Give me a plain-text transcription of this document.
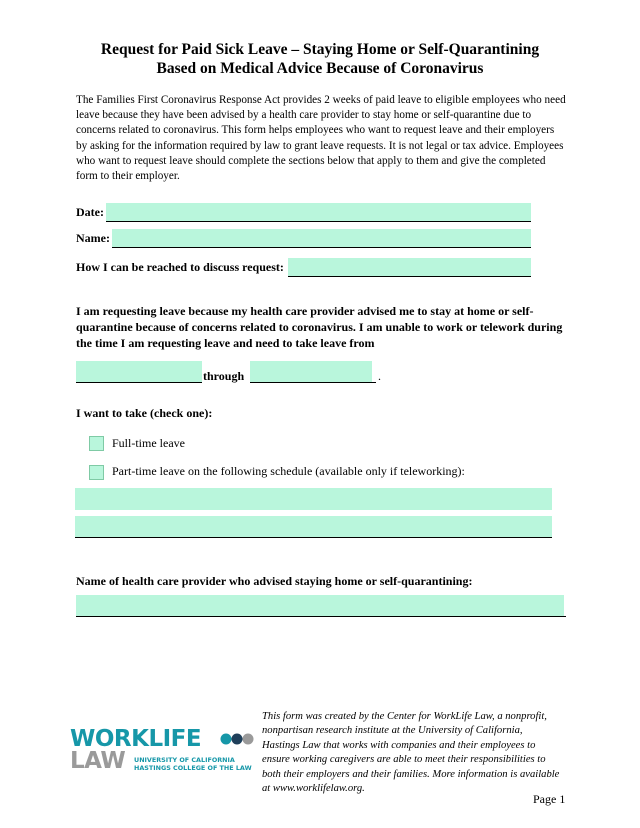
Request for Paid Sick Leave – Staying Home or Self-Quarantining
Based on Medical Advice Because of Coronavirus

The Families First Coronavirus Response Act provides 2 weeks of paid leave to eligible employees who need leave because they have been advised by a health care provider to stay home or self-quarantine due to concerns related to coronavirus. This form helps employees who want to request leave and their employers by asking for the information required by law to grant leave requests. It is not legal or tax advice. Employees who want to request leave should complete the sections below that apply to them and give the completed form to their employer.

Date:
Name:
How I can be reached to discuss request:

I am requesting leave because my health care provider advised me to stay at home or self-quarantine because of concerns related to coronavirus. I am unable to work or telework during the time I am requesting leave and need to take leave from

through	.
I want to take (check one):
Full-time leave
Part-time leave on the following schedule (available only if teleworking):
Name of health care provider who advised staying home or self-quarantining:
WORKLIFE
LAW UNIVERSITY OF CALIFORNIA
HASTINGS COLLEGE OF THE LAW

This form was created by the Center for WorkLife Law, a nonprofit, nonpartisan research institute at the University of California, Hastings Law that works with companies and their employees to ensure working caregivers are able to meet their responsibilities to both their employers and their families. More information is available at www.worklifelaw.org.

Page 1
